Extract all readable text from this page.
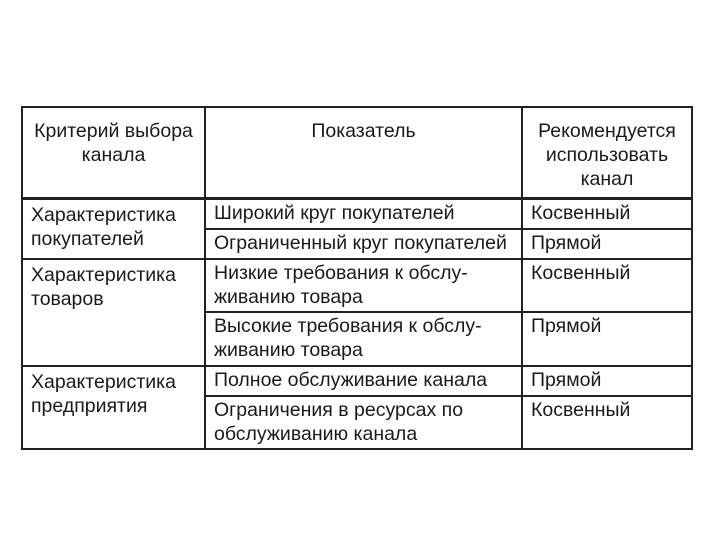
Критерий выбора канала	Показатель	Рекомендуется использовать канал
Характеристика покупателей	Широкий круг покупателей	Косвенный
	Ограниченный круг покупателей	Прямой
Характеристика товаров	Низкие требования к обслу-живанию товара	Косвенный
	Высокие требования к обслу-живанию товара	Прямой
Характеристика предприятия	Полное обслуживание канала	Прямой
	Ограничения в ресурсах по обслуживанию канала	Косвенный
